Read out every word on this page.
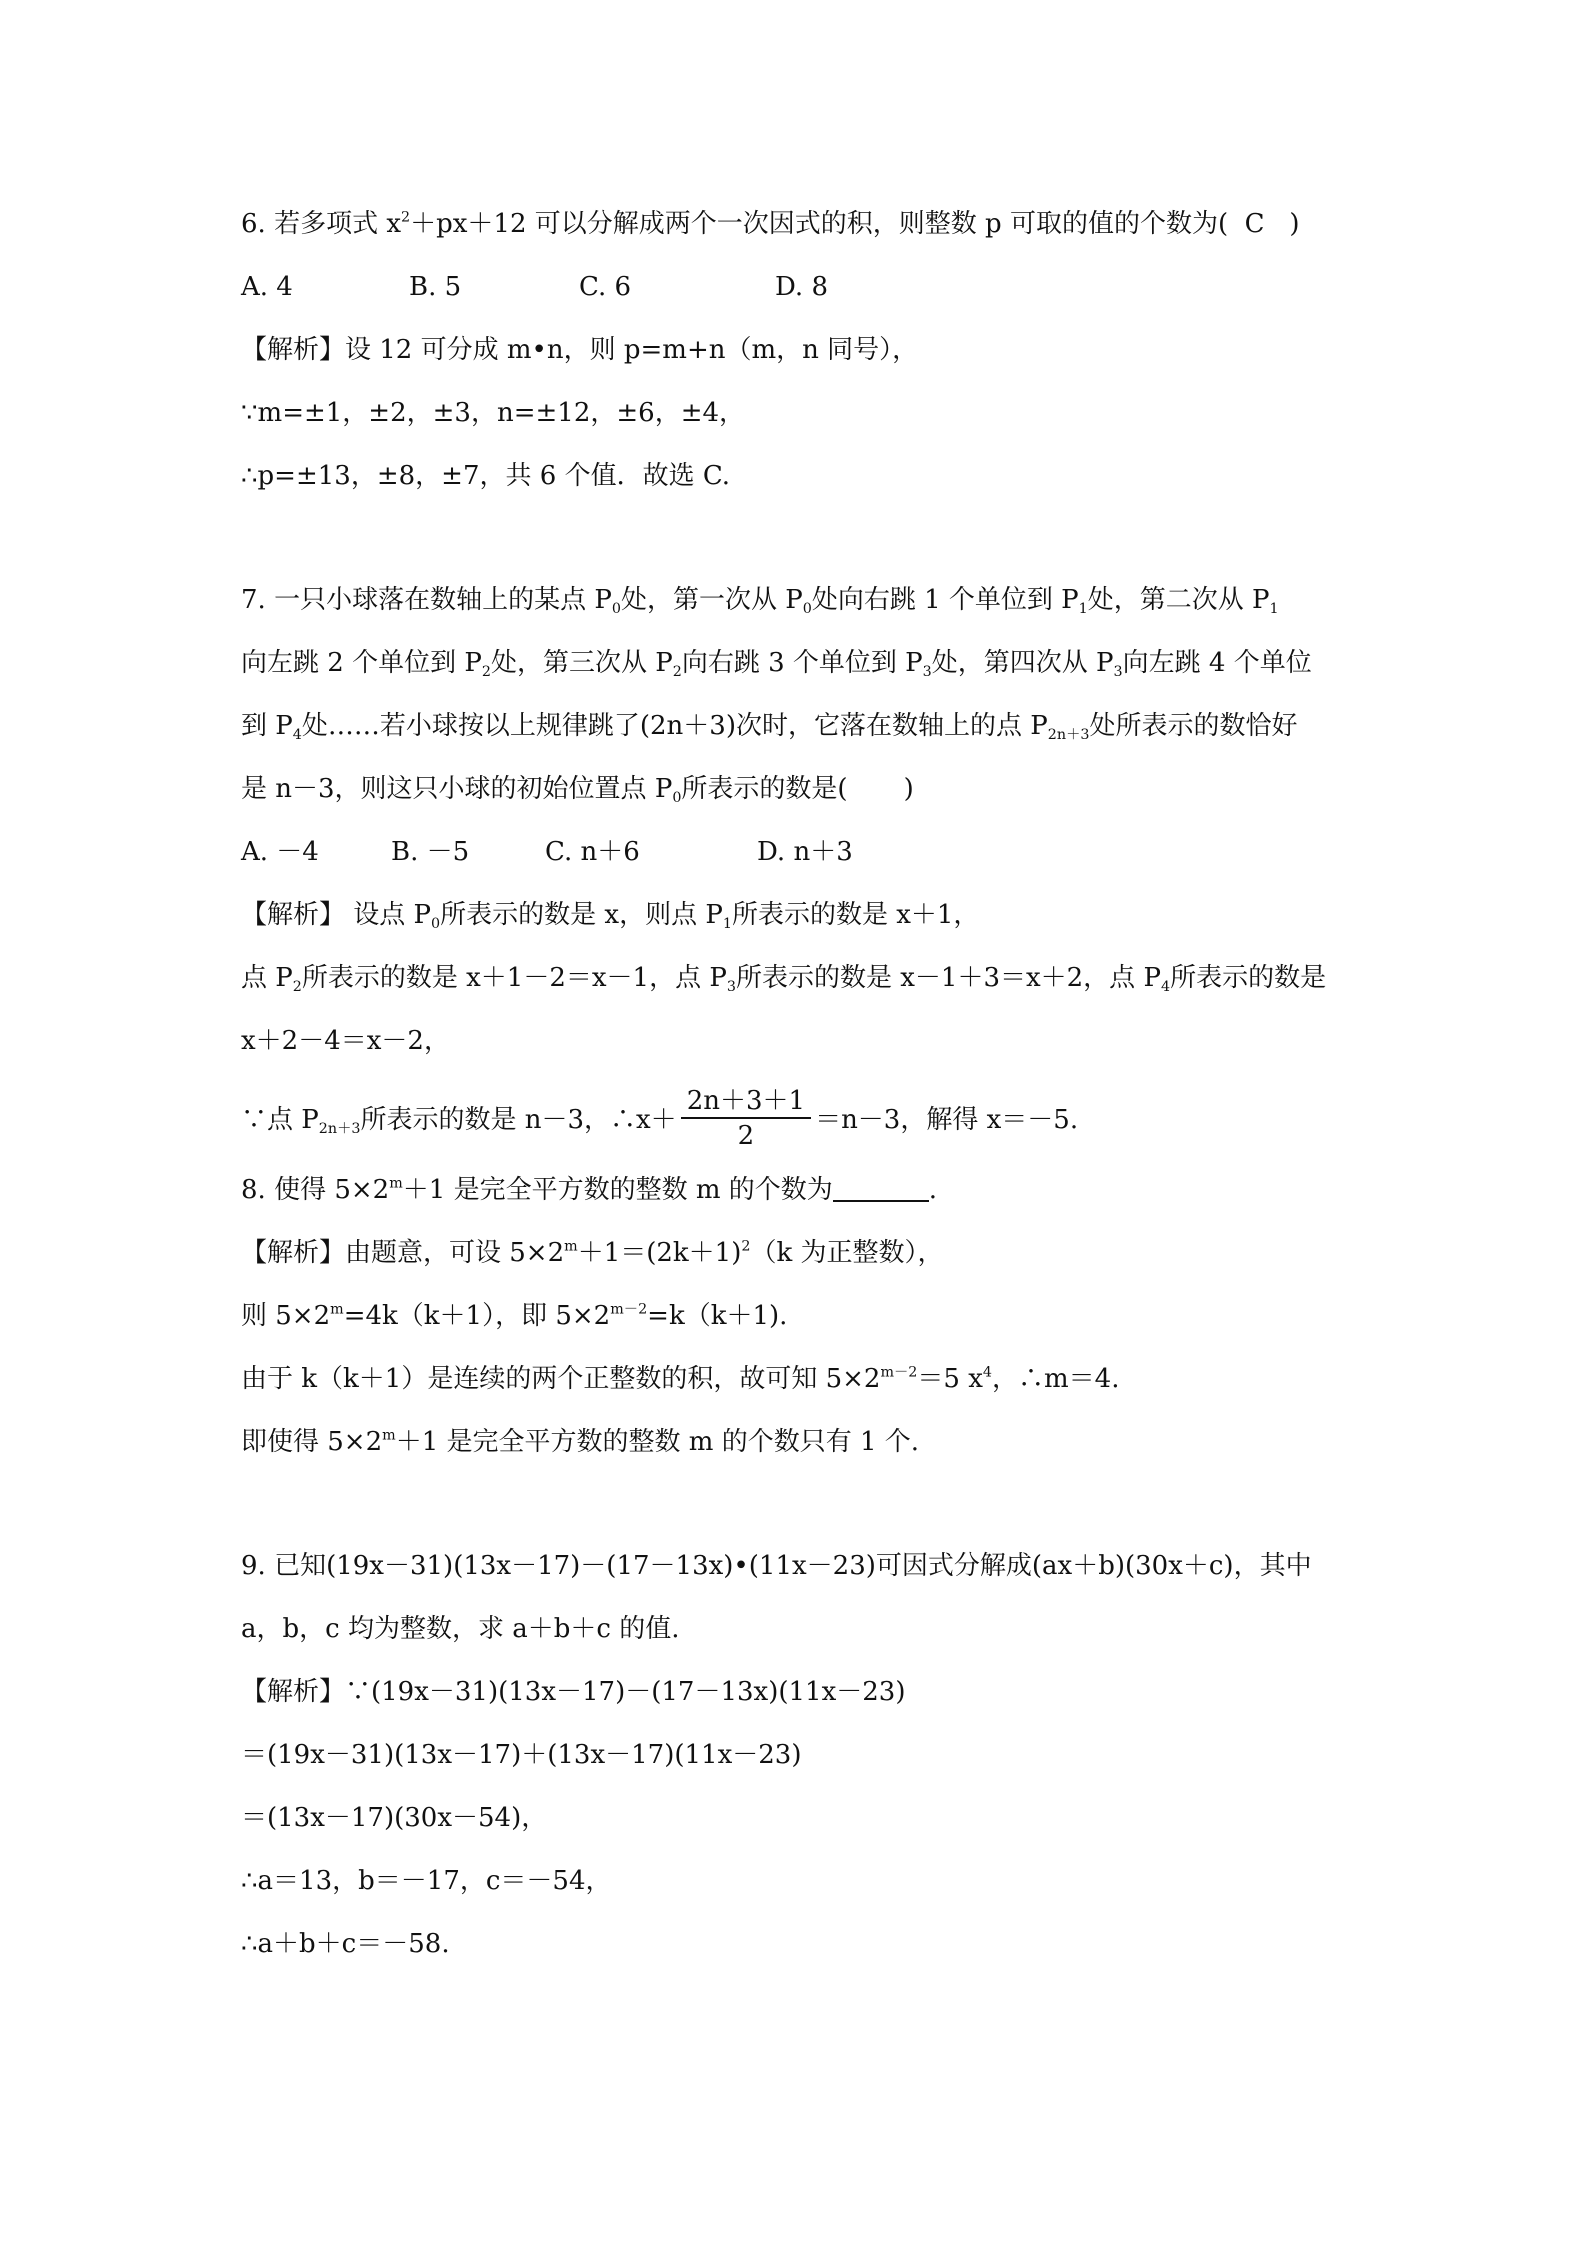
6. 若多项式 $x^2+px+12$ 可以分解成两个一次因式的积，则整数 p 可取的值的个数为( C )
A. 4	B. 5	C. 6	D. 8
【解析】设 12 可分成 m•n，则 p=m+n（m，n 同号），
∵m=±1，±2，±3，n=±12，±6，±4，
∴p=±13，±8，±7，共 6 个值．故选 C.
7. 一只小球落在数轴上的某点 $P_0$处，第一次从 $P_0$处向右跳 1 个单位到 $P_1$处，第二次从 $P_1$
向左跳 2 个单位到 $P_2$处，第三次从 $P_2$向右跳 3 个单位到 $P_3$处，第四次从 $P_3$向左跳 4 个单位
到 $P_4$处……若小球按以上规律跳了(2n＋3)次时，它落在数轴上的点 $P_{2n+3}$处所表示的数恰好
是 n－3，则这只小球的初始位置点 $P_0$所表示的数是( )
A. －4	B. －5	C. n＋6	D. n＋3
【解析】 设点 $P_0$所表示的数是 x，则点 $P_1$所表示的数是 x＋1，
点 $P_2$所表示的数是 x＋1－2＝x－1，点 $P_3$所表示的数是 x－1＋3＝x＋2，点 $P_4$所表示的数是
x＋2－4＝x－2，
∵点 $P_{2n+3}$所表示的数是 n－3，∴x＋ $\frac{2n+3+1}{2} =n-3$，解得 x＝－5.
8. 使得 $5\times 2^m+1$ 是完全平方数的整数 m 的个数为	.
【解析】由题意，可设 $5\times 2^m+1=(2k+1)^2(k$ 为正整数），
则 $5\times 2^m=4k(k+1)$，即 $5\times 2^{m-2}=k(k+1)$.
由于 k（k＋1）是连续的两个正整数的积，故可知 $5\times 2^{m-2}=5$ $x^4$，∴m＝4.
即使得 $5\times 2^m+1$ 是完全平方数的整数 m 的个数只有 1 个.
9. 已知(19x－31)(13x－17)－(17－13x)•(11x－23)可因式分解成(ax＋b)(30x＋c)，其中
a，b，c 均为整数，求 a＋b＋c 的值.
【解析】∵(19x－31)(13x－17)－(17－13x)(11x－23)
＝(19x－31)(13x－17)＋(13x－17)(11x－23)
＝(13x－17)(30x－54)，
∴a＝13，b＝－17，c＝－54，
∴a＋b＋c＝－58.
